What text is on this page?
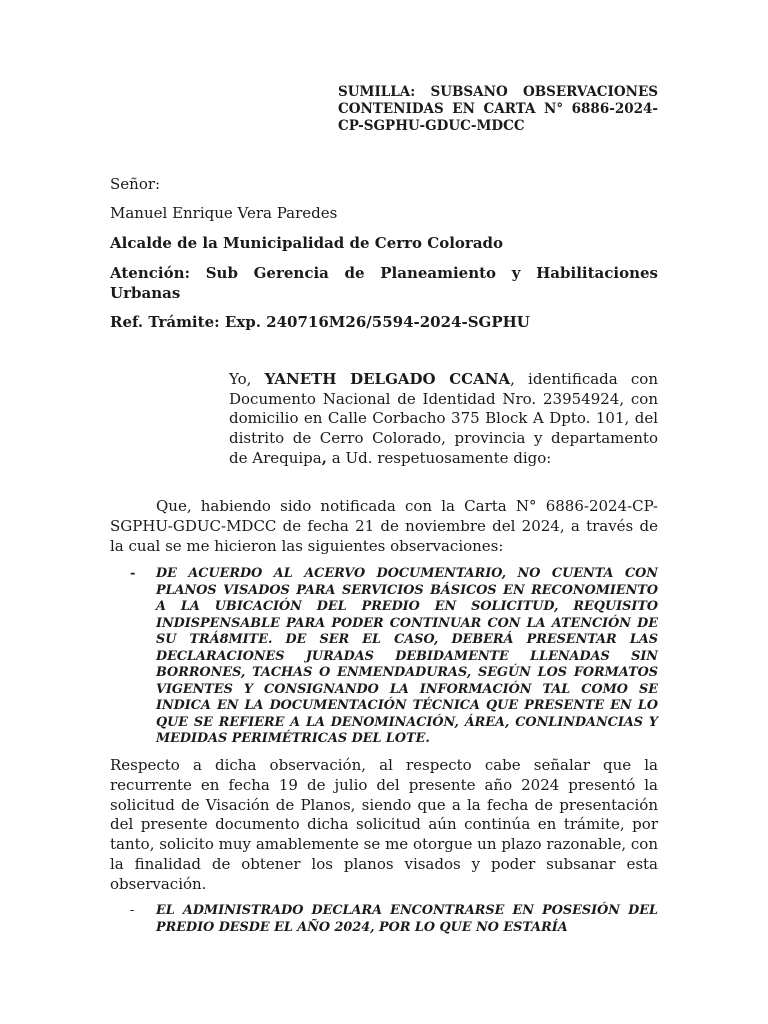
SUMILLA: SUBSANO OBSERVACIONES CONTENIDAS EN CARTA N° 6886-2024-CP-SGPHU-GDUC-MDCC
Señor:
Manuel Enrique Vera Paredes
Alcalde de la Municipalidad de Cerro Colorado
Atención: Sub Gerencia de Planeamiento y Habilitaciones Urbanas
Ref. Trámite: Exp. 240716M26/5594-2024-SGPHU
Yo, YANETH DELGADO CCANA, identificada con Documento Nacional de Identidad Nro. 23954924, con domicilio en Calle Corbacho 375 Block A Dpto. 101, del distrito de Cerro Colorado, provincia y departamento de Arequipa, a Ud. respetuosamente digo:
Que, habiendo sido notificada con la Carta N° 6886-2024-CP-SGPHU-GDUC-MDCC de fecha 21 de noviembre del 2024, a través de la cual se me hicieron las siguientes observaciones:
- DE ACUERDO AL ACERVO DOCUMENTARIO, NO CUENTA CON PLANOS VISADOS PARA SERVICIOS BÁSICOS EN RECONOMIENTO A LA UBICACIÓN DEL PREDIO EN SOLICITUD, REQUISITO INDISPENSABLE PARA PODER CONTINUAR CON LA ATENCIÓN DE SU TRÁ8MITE. DE SER EL CASO, DEBERÁ PRESENTAR LAS DECLARACIONES JURADAS DEBIDAMENTE LLENADAS SIN BORRONES, TACHAS O ENMENDADURAS, SEGÚN LOS FORMATOS VIGENTES Y CONSIGNANDO LA INFORMACIÓN TAL COMO SE INDICA EN LA DOCUMENTACIÓN TÉCNICA QUE PRESENTE EN LO QUE SE REFIERE A LA DENOMINACIÓN, ÁREA, CONLINDANCIAS Y MEDIDAS PERIMÉTRICAS DEL LOTE.
Respecto a dicha observación, al respecto cabe señalar que la recurrente en fecha 19 de julio del presente año 2024 presentó la solicitud de Visación de Planos, siendo que a la fecha de presentación del presente documento dicha solicitud aún continúa en trámite, por tanto, solicito muy amablemente se me otorgue un plazo razonable, con la finalidad de obtener los planos visados y poder subsanar esta observación.
- EL ADMINISTRADO DECLARA ENCONTRARSE EN POSESIÓN DEL PREDIO DESDE EL AÑO 2024, POR LO QUE NO ESTARÍA
